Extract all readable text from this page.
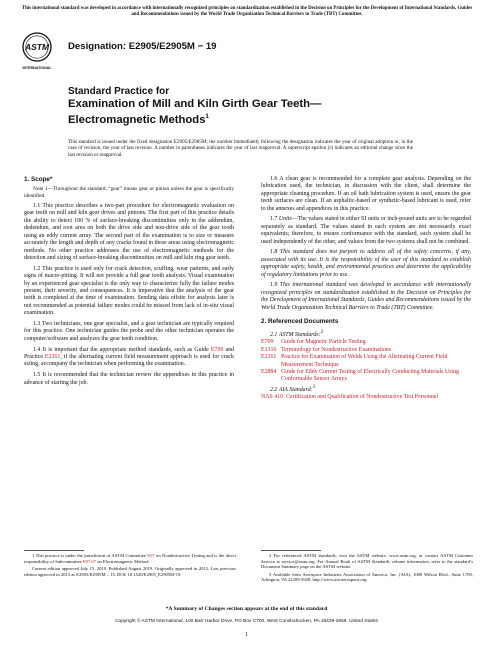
This international standard was developed in accordance with internationally recognized principles on standardization established in the Decision on Principles for the Development of International Standards, Guides and Recommendations issued by the World Trade Organization Technical Barriers to Trade (TBT) Committee.
ASTM
INTERNATIONAL
Designation: E2905/E2905M − 19
Standard Practice for
Examination of Mill and Kiln Girth Gear Teeth—
Electromagnetic Methods$^1$
This standard is issued under the fixed designation E2905/E2905M; the number immediately following the designation indicates the year of original adoption or, in the case of revision, the year of last revision. A number in parentheses indicates the year of last reapproval. A superscript epsilon (ε) indicates an editorial change since the last revision or reapproval.
1. Scope*

Note 1—Throughout the standard, “gear” means gear or pinion unless the gear is specifically identified.

1.1 This practice describes a two-part procedure for electromagnetic evaluation on gear teeth on mill and kiln gear drives and pinions. The first part of this practice details the ability to detect 100 % of surface-breaking discontinuities only in the addendum, dedendum, and root area on both the drive side and non-drive side of the gear tooth using an eddy current array. The second part of the examination is to size or measure accurately the length and depth of any cracks found in these areas using electromagnetic methods. No other practice addresses the use of electromagnetic methods for the detection and sizing of surface-breaking discontinuities on mill and kiln ring gear teeth.

1.2 This practice is used only for crack detection, scuffing, wear patterns, and early signs of macro-pitting. It will not provide a full gear tooth analysis. Visual examination by an experienced gear specialist is the only way to characterize fully the failure modes present, their severity, and consequences. It is imperative that the analysis of the gear teeth is completed at the time of examination. Sending data offsite for analysis later is not recommended as potential failure modes could be missed from lack of in-situ visual examination.

1.3 Two technicians, one gear specialist, and a gear technician are typically required for this practice. One technician guides the probe and the other technician operates the computer/software and analyzes the gear teeth condition.

1.4 It is important that the appropriate method standards, such as Guide E709 and Practice E2261, if the alternating current field measurement approach is used for crack sizing, accompany the technician when performing the examination.

1.5 It is recommended that the technician review the appendixes in this practice in advance of starting the job.

1.6 A clean gear is recommended for a complete gear analysis. Depending on the lubrication used, the technician, in discussion with the client, shall determine the appropriate cleaning procedure. If an oil bath lubrication system is used, ensure the gear teeth surfaces are clean. If an asphaltic-based or synthetic-based lubricant is used, refer to the annexes and appendices in this practice.

1.7 Units—The values stated in either SI units or inch-pound units are to be regarded separately as standard. The values stated in each system are not necessarily exact equivalents; therefore, to ensure conformance with the standard, each system shall be used independently of the other, and values from the two systems shall not be combined.

1.8 This standard does not purport to address all of the safety concerns, if any, associated with its use. It is the responsibility of the user of this standard to establish appropriate safety, health, and environmental practices and determine the applicability of regulatory limitations prior to use.

1.9 This international standard was developed in accordance with internationally recognized principles on standardization established in the Decision on Principles for the Development of International Standards, Guides and Recommendations issued by the World Trade Organization Technical Barriers to Trade (TBT) Committee.

2. Referenced Documents
2.1 ASTM Standards:$^2$
E709	Guide for Magnetic Particle Testing
E1316 Terminology for Nondestructive Examinations
E2261 Practice for Examination of Welds Using the Alternating Current Field Measurement Technique
E2884 Guide for Eddy Current Testing of Electrically Conducting Materials Using Conformable Sensor Arrays
2.2 AIA Standard:$^3$
NAS 410 Certification and Qualification of Nondestructive Test Personnel

1 This practice is under the jurisdiction of ASTM Committee E07 on Nondestructive Testing and is the direct responsibility of Subcommittee E07.07 on Electromagnetic Method.

Current edition approved July 15, 2019. Published August 2019. Originally approved in 2012. Last previous edition approved in 2013 as E2905/E2905M – 13. DOI: 10.1520/E2905_E2905M-19.

2 For referenced ASTM standards, visit the ASTM website, www.astm.org, or contact ASTM Customer Service at service@astm.org. For Annual Book of ASTM Standards volume information, refer to the standard’s Document Summary page on the ASTM website.

3 Available from Aerospace Industries Association of America, Inc. (AIA), 1000 Wilson Blvd., Suite 1700, Arlington, VA 22209-3928, http://www.aia-aerospace.org.

*A Summary of Changes section appears at the end of this standard
Copyright © ASTM International, 100 Barr Harbor Drive, PO Box C700, West Conshohocken, PA 19428-2959. United States
1
